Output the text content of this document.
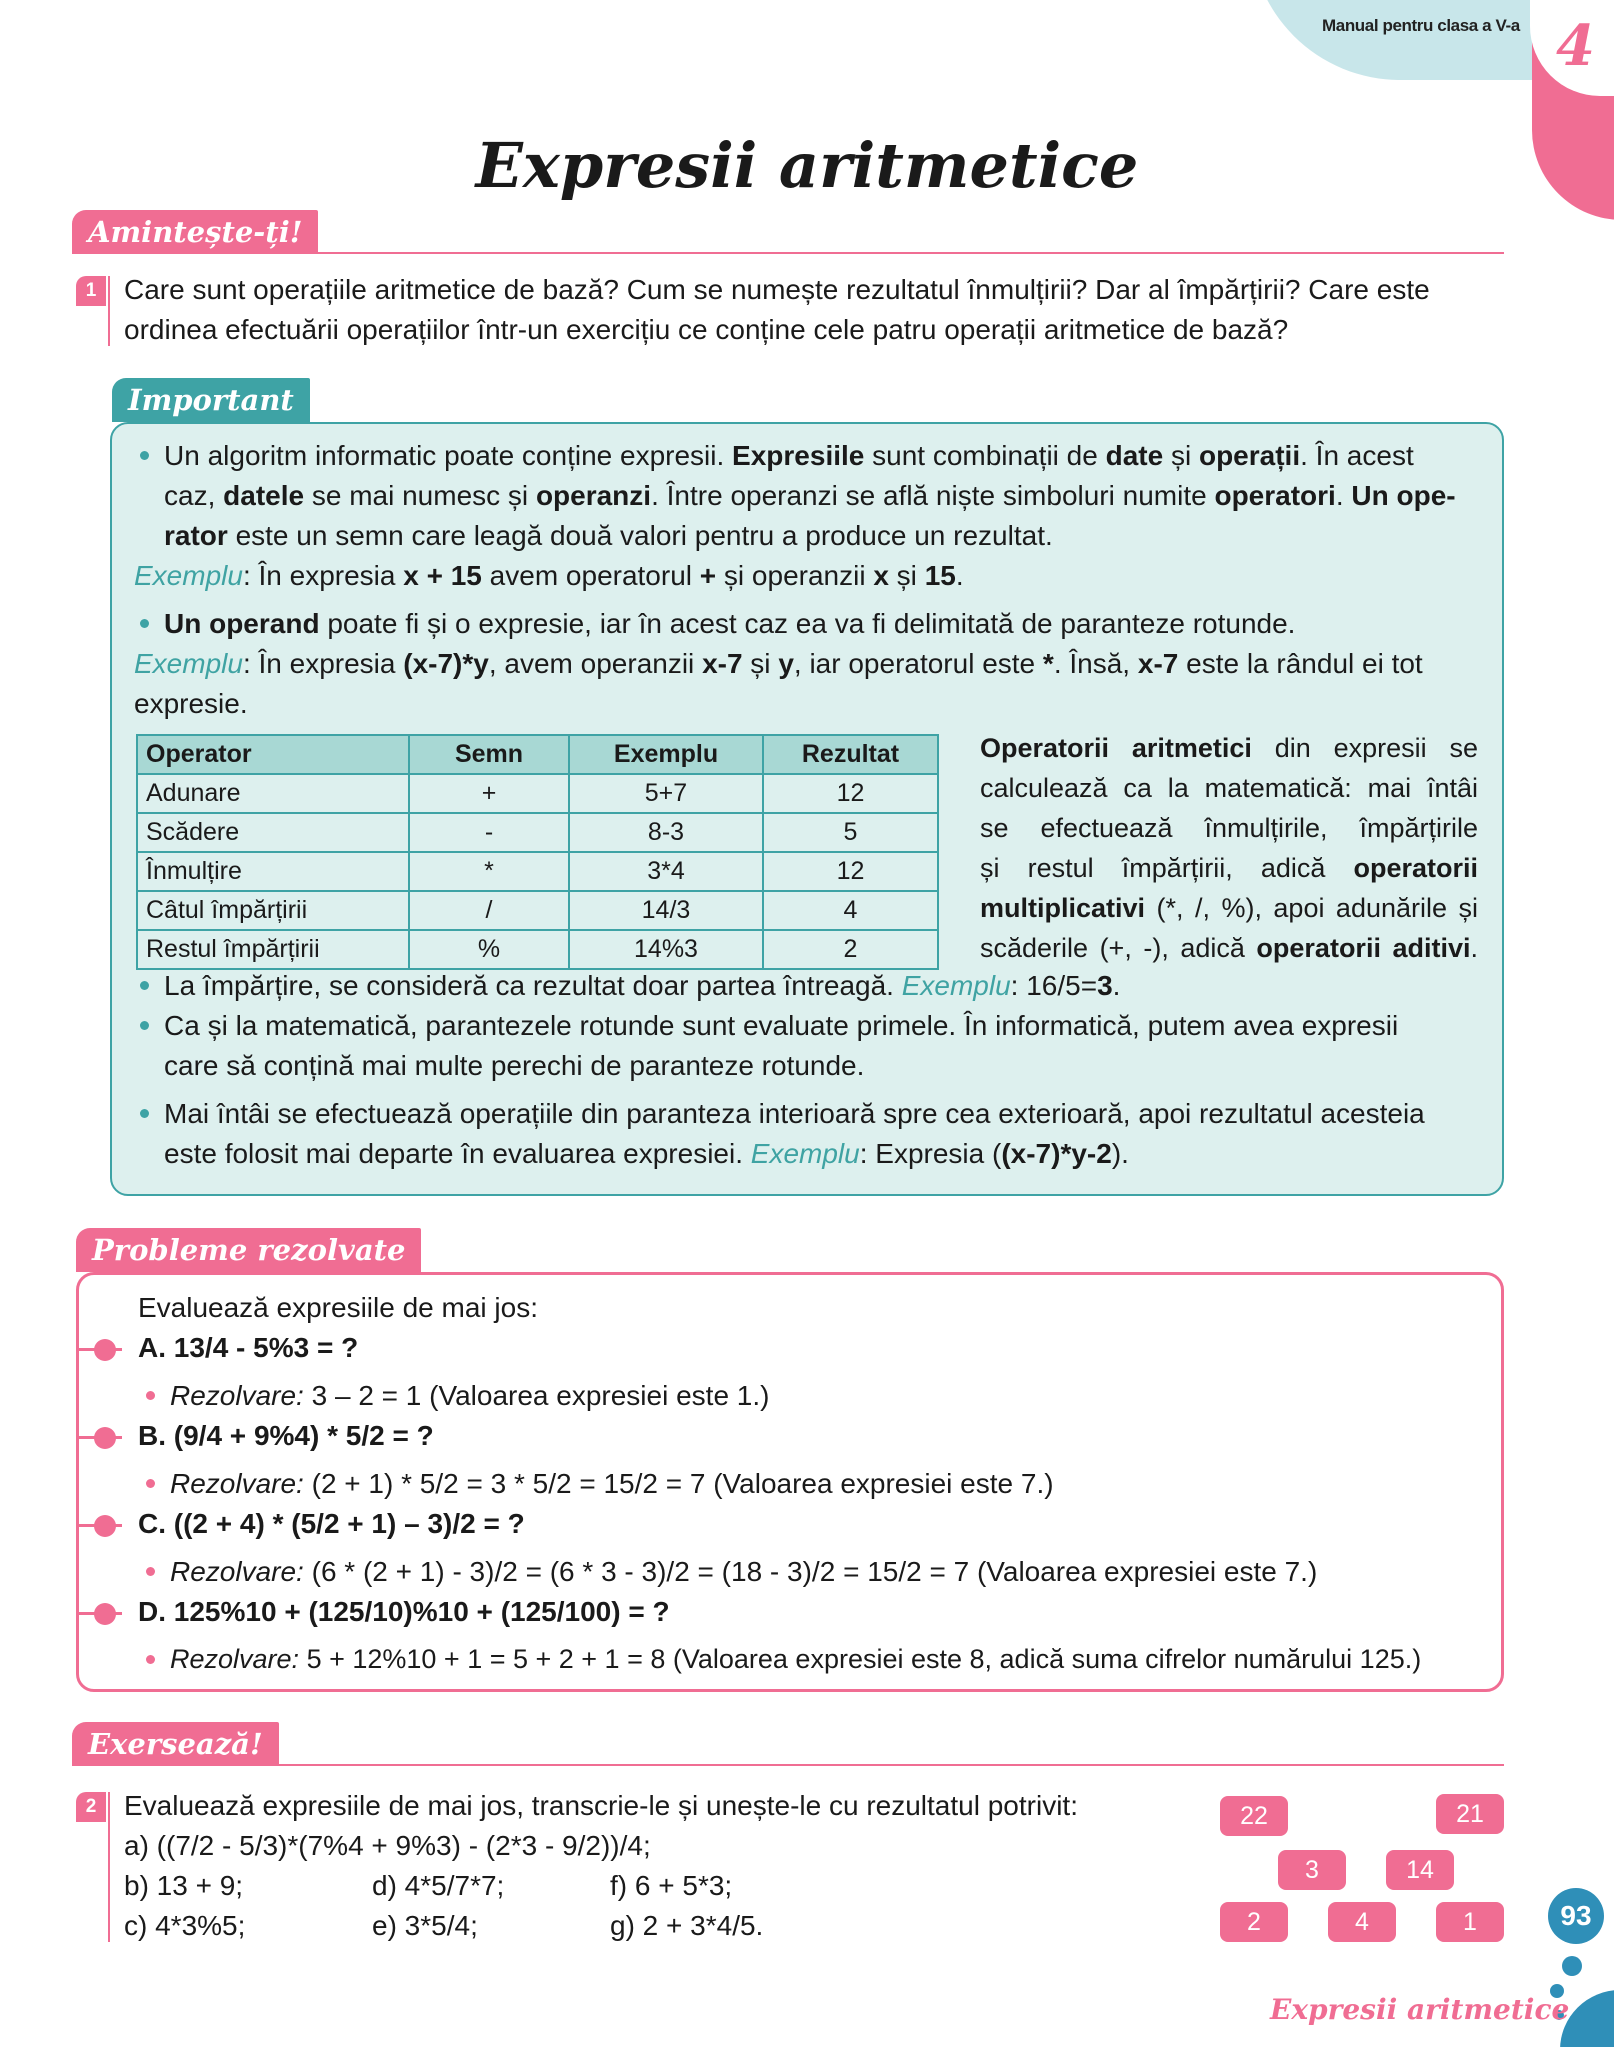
Manual pentru clasa a V-a 4
Expresii aritmetice
Amintește-ți!
1 Care sunt operațiile aritmetice de bază? Cum se numește rezultatul înmulțirii? Dar al împărțirii? Care este
ordinea efectuării operațiilor într-un exercițiu ce conține cele patru operații aritmetice de bază?
Important
Un algoritm informatic poate conține expresii. Expresiile sunt combinații de date și operații. În acest
caz, datele se mai numesc și operanzi. Între operanzi se află niște simboluri numite operatori. Un ope-
rator este un semn care leagă două valori pentru a produce un rezultat.
Exemplu: În expresia x + 15 avem operatorul + și operanzii x și 15.
Un operand poate fi și o expresie, iar în acest caz ea va fi delimitată de paranteze rotunde.
Exemplu: În expresia (x-7)*y, avem operanzii x-7 și y, iar operatorul este *. Însă, x-7 este la rândul ei tot
expresie.
Operator	Semn	Exemplu	Rezultat
Adunare	+	5+7	12
Scădere	-	8-3	5
Înmulțire	*	3*4	12
Câtul împărțirii	/	14/3	4
Restul împărțirii	%	14%3	2
Operatorii aritmetici din expresii se
calculează ca la matematică: mai întâi
se efectuează înmulțirile, împărțirile
și restul împărțirii, adică operatorii
multiplicativi (*, /, %), apoi adunările și
scăderile (+, -), adică operatorii aditivi.
La împărțire, se consideră ca rezultat doar partea întreagă. Exemplu: 16/5=3.
Ca și la matematică, parantezele rotunde sunt evaluate primele. În informatică, putem avea expresii
care să conțină mai multe perechi de paranteze rotunde.
Mai întâi se efectuează operațiile din paranteza interioară spre cea exterioară, apoi rezultatul acesteia
este folosit mai departe în evaluarea expresiei. Exemplu: Expresia ((x-7)*y-2).
Probleme rezolvate
Evaluează expresiile de mai jos:
A. 13/4 - 5%3 = ?
Rezolvare: 3 – 2 = 1 (Valoarea expresiei este 1.)
B. (9/4 + 9%4) * 5/2 = ?
Rezolvare: (2 + 1) * 5/2 = 3 * 5/2 = 15/2 = 7 (Valoarea expresiei este 7.)
C. ((2 + 4) * (5/2 + 1) – 3)/2 = ?
Rezolvare: (6 * (2 + 1) - 3)/2 = (6 * 3 - 3)/2 = (18 - 3)/2 = 15/2 = 7 (Valoarea expresiei este 7.)
D. 125%10 + (125/10)%10 + (125/100) = ?
Rezolvare: 5 + 12%10 + 1 = 5 + 2 + 1 = 8 (Valoarea expresiei este 8, adică suma cifrelor numărului 125.)
Exersează!
2 Evaluează expresiile de mai jos, transcrie-le și unește-le cu rezultatul potrivit:
a) ((7/2 - 5/3)*(7%4 + 9%3) - (2*3 - 9/2))/4;
b) 13 + 9;	d) 4*5/7*7;	f) 6 + 5*3;
c) 4*3%5;	e) 3*5/4;	g) 2 + 3*4/5.
22	21
3	14
2	4	1	93
Expresii aritmetice
